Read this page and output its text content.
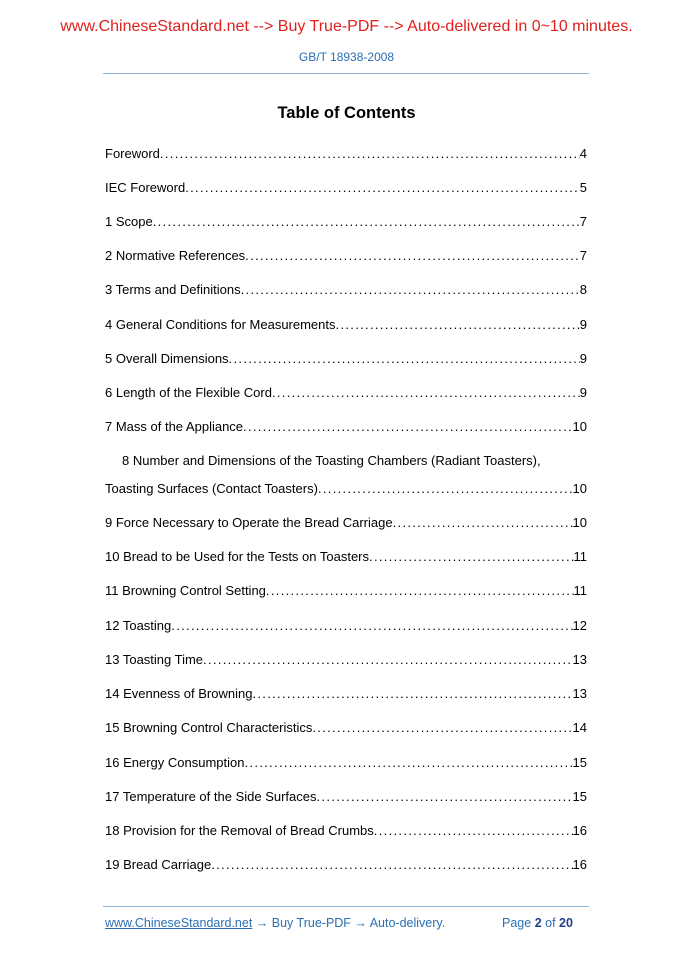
www.ChineseStandard.net --> Buy True-PDF --> Auto-delivered in 0~10 minutes.
GB/T 18938-2008
Table of Contents
Foreword . . .	4
IEC Foreword . . .	5
1 Scope . . .	7
2 Normative References . . .	7
3 Terms and Definitions . . .	8
4 General Conditions for Measurements . . .	9
5 Overall Dimensions . . .	9
6 Length of the Flexible Cord . . .	9
7 Mass of the Appliance . . .	10
8 Number and Dimensions of the Toasting Chambers (Radiant Toasters),
Toasting Surfaces (Contact Toasters) . . .	10
9 Force Necessary to Operate the Bread Carriage . . .	10
10 Bread to be Used for the Tests on Toasters . . .	11
11 Browning Control Setting . . .	11
12 Toasting . . .	12
13 Toasting Time . . .	13
14 Evenness of Browning . . .	13
15 Browning Control Characteristics . . .	14
16 Energy Consumption . . .	15
17 Temperature of the Side Surfaces . . .	15
18 Provision for the Removal of Bread Crumbs . . .	16
19 Bread Carriage . . .	16
www.ChineseStandard.net → Buy True-PDF → Auto-delivery.	Page 2 of 20
